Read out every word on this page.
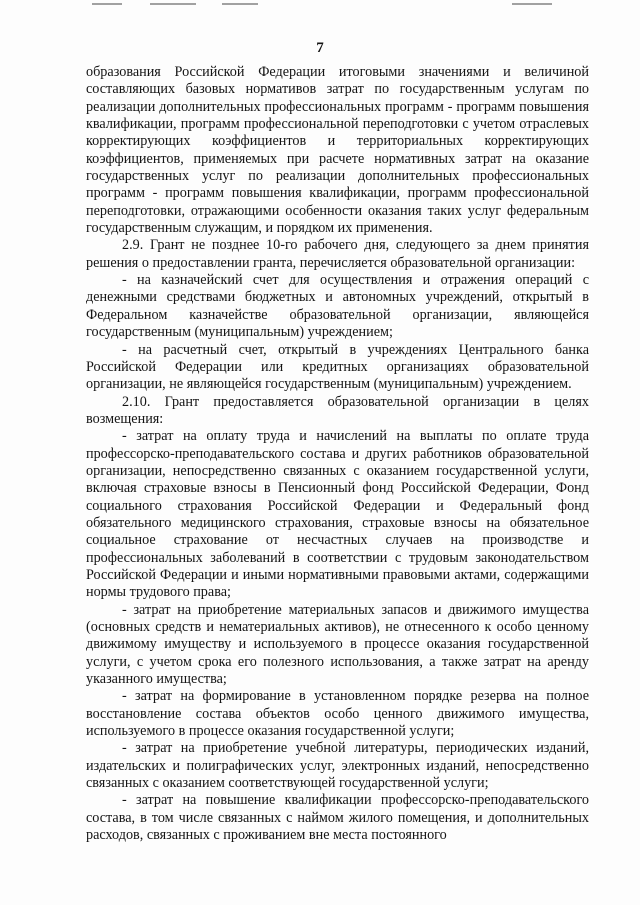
7

образования Российской Федерации итоговыми значениями и величиной составляющих базовых нормативов затрат по государственным услугам по реализации дополнительных профессиональных программ - программ повышения квалификации, программ профессиональной переподготовки с учетом отраслевых корректирующих коэффициентов и территориальных корректирующих коэффициентов, применяемых при расчете нормативных затрат на оказание государственных услуг по реализации дополнительных профессиональных программ - программ повышения квалификации, программ профессиональной переподготовки, отражающими особенности оказания таких услуг федеральным государственным служащим, и порядком их применения.

2.9. Грант не позднее 10-го рабочего дня, следующего за днем принятия решения о предоставлении гранта, перечисляется образовательной организации:

- на казначейский счет для осуществления и отражения операций с денежными средствами бюджетных и автономных учреждений, открытый в Федеральном казначействе образовательной организации, являющейся государственным (муниципальным) учреждением;

- на расчетный счет, открытый в учреждениях Центрального банка Российской Федерации или кредитных организациях образовательной организации, не являющейся государственным (муниципальным) учреждением.

2.10. Грант предоставляется образовательной организации в целях возмещения:

- затрат на оплату труда и начислений на выплаты по оплате труда профессорско-преподавательского состава и других работников образовательной организации, непосредственно связанных с оказанием государственной услуги, включая страховые взносы в Пенсионный фонд Российской Федерации, Фонд социального страхования Российской Федерации и Федеральный фонд обязательного медицинского страхования, страховые взносы на обязательное социальное страхование от несчастных случаев на производстве и профессиональных заболеваний в соответствии с трудовым законодательством Российской Федерации и иными нормативными правовыми актами, содержащими нормы трудового права;

- затрат на приобретение материальных запасов и движимого имущества (основных средств и нематериальных активов), не отнесенного к особо ценному движимому имуществу и используемого в процессе оказания государственной услуги, с учетом срока его полезного использования, а также затрат на аренду указанного имущества;

- затрат на формирование в установленном порядке резерва на полное восстановление состава объектов особо ценного движимого имущества, используемого в процессе оказания государственной услуги;

- затрат на приобретение учебной литературы, периодических изданий, издательских и полиграфических услуг, электронных изданий, непосредственно связанных с оказанием соответствующей государственной услуги;

- затрат на повышение квалификации профессорско-преподавательского состава, в том числе связанных с наймом жилого помещения, и дополнительных расходов, связанных с проживанием вне места постоянного
